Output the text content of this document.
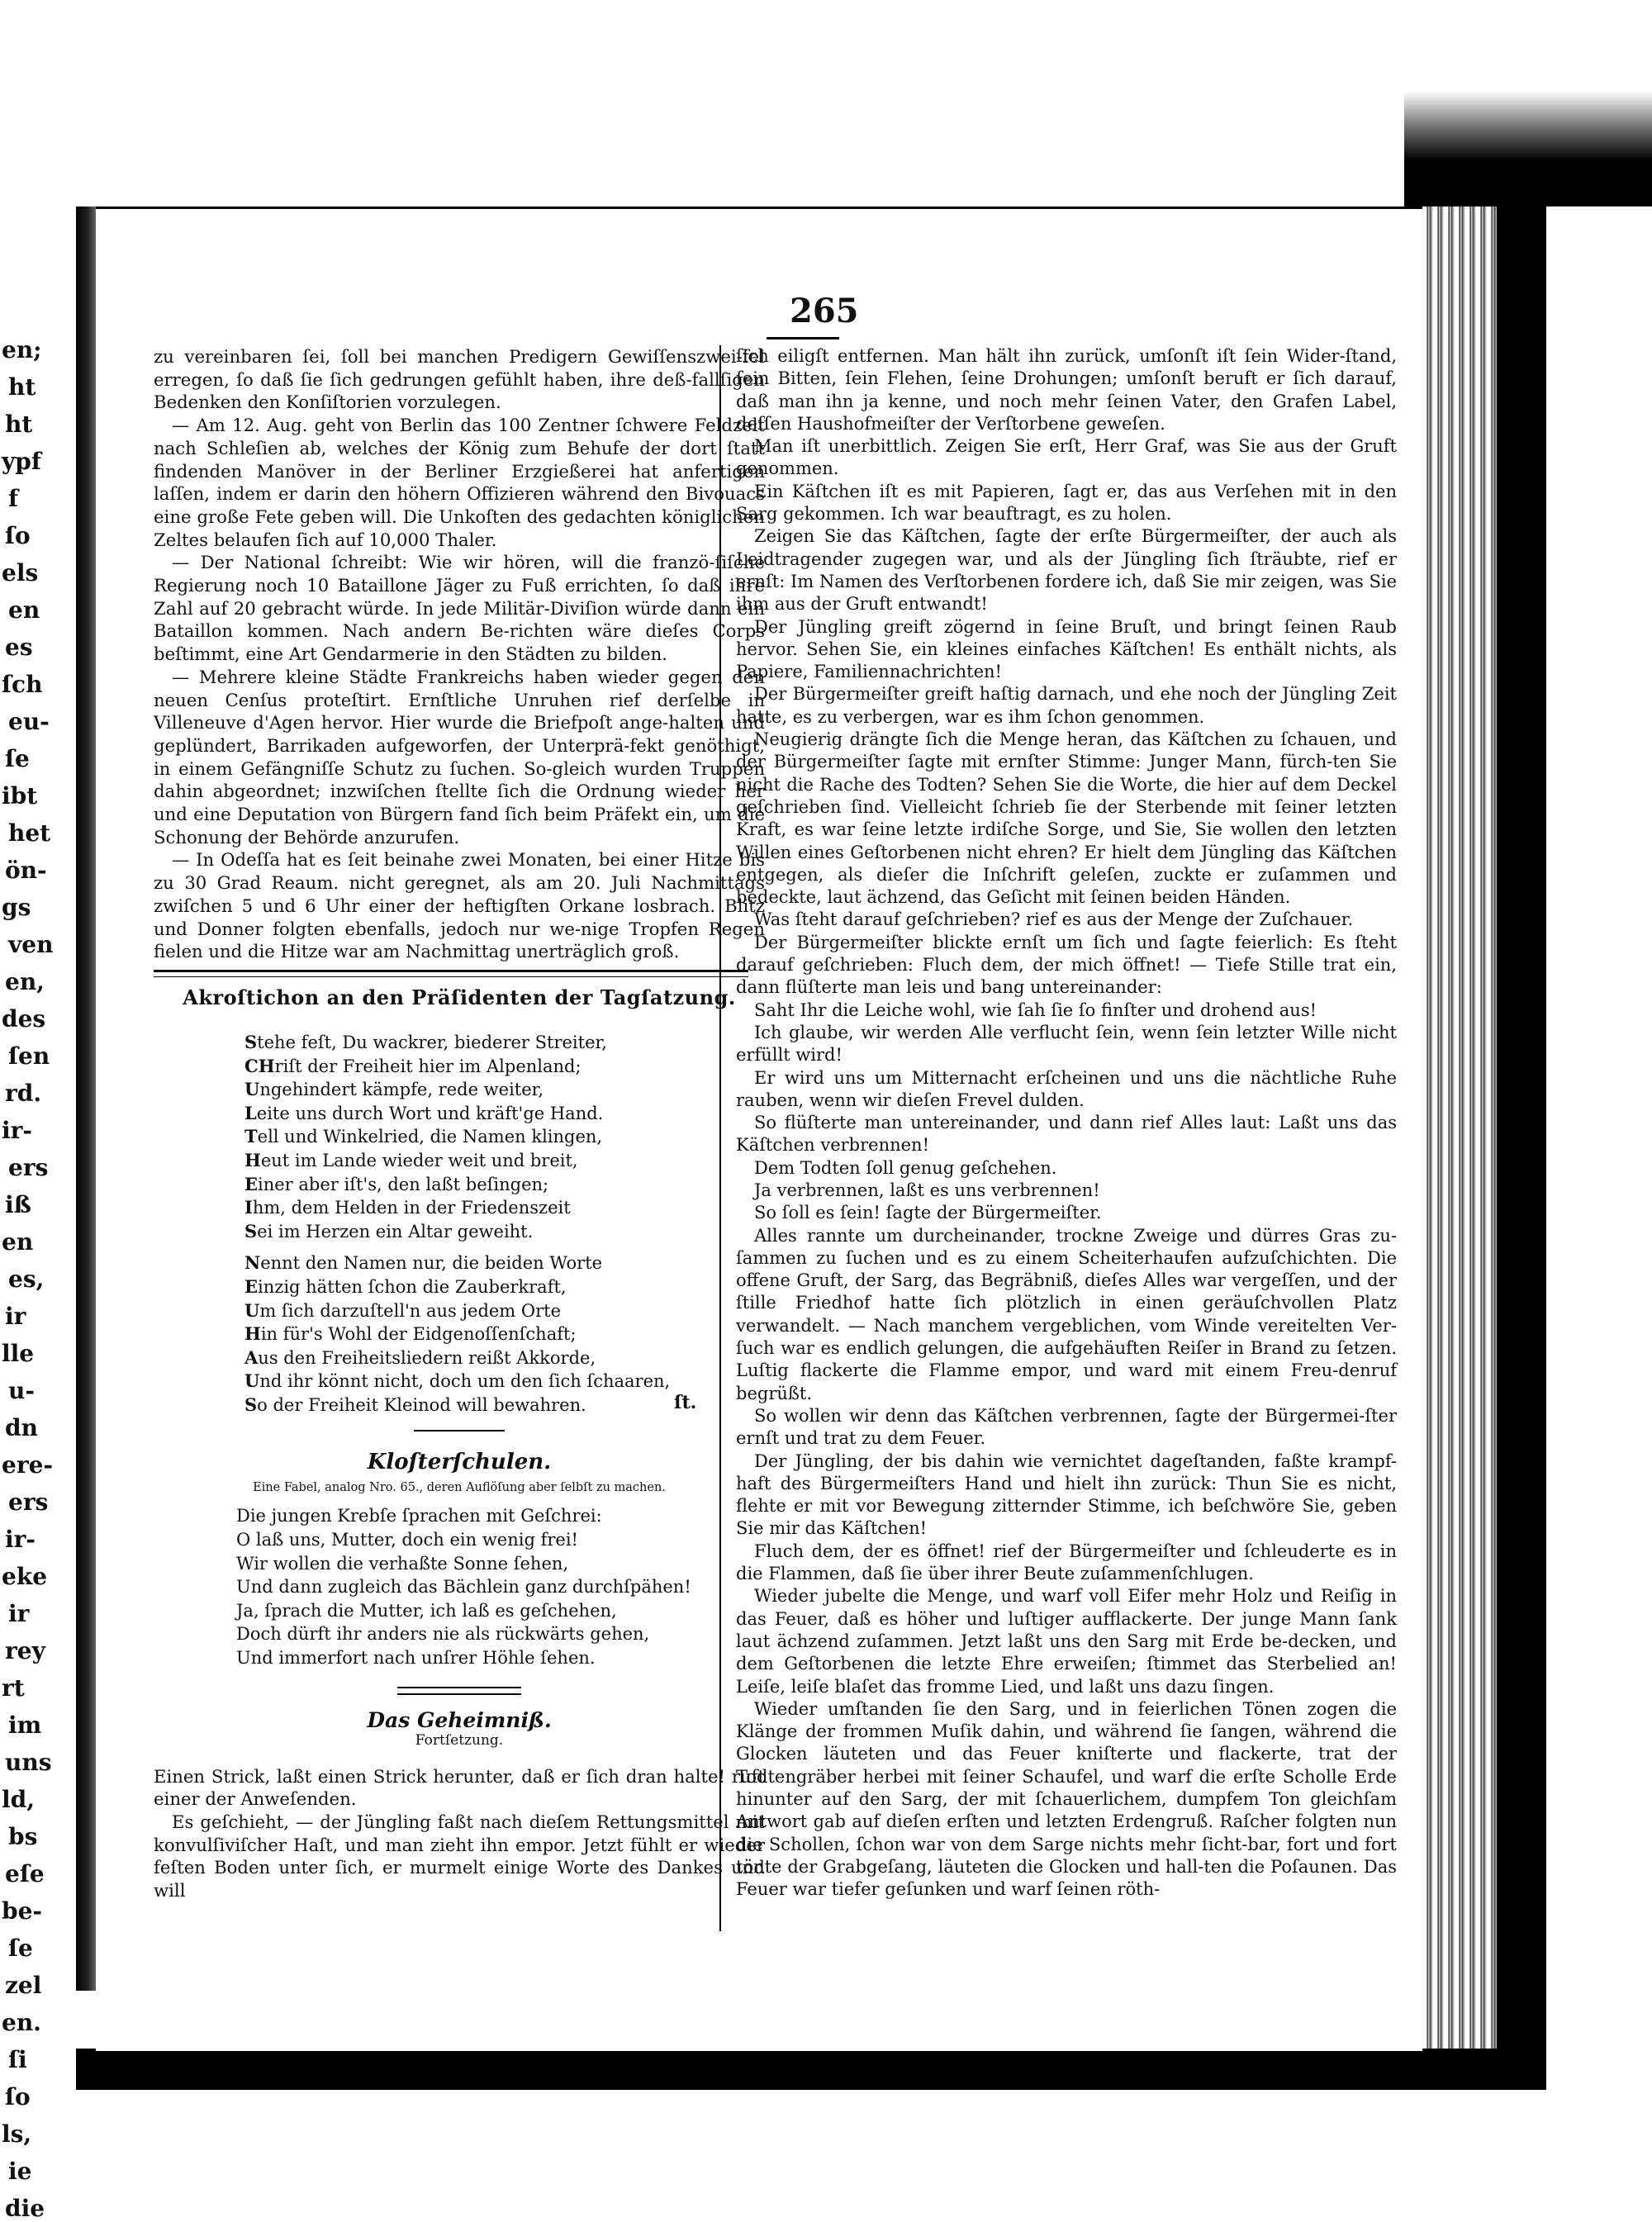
en;
ht
ht
ypf
f
ſo
els
en
es
ſch
eu-
ſe
ibt
het
ön-
gs
ven
en,
des
ſen
rd.
ir-
ers
iß
en
es,
ir
lle
u-
dn
ere-
ers
ir-
eke
ir
rey
rt
im
uns
ld,
bs
eſe
be-
ſe
zel
en.
ſi
ſo
ls,
ie
die
265

zu vereinbaren ſei, ſoll bei manchen Predigern Gewiſſenszwei-fel erregen, ſo daß ſie ſich gedrungen gefühlt haben, ihre deß-fallſigen Bedenken den Konſiſtorien vorzulegen.

— Am 12. Aug. geht von Berlin das 100 Zentner ſchwere Feldzelt nach Schleſien ab, welches der König zum Behufe der dort ſtatt findenden Manöver in der Berliner Erzgießerei hat anfertigen laſſen, indem er darin den höhern Offizieren während den Bivouacs eine große Fete geben will. Die Unkoſten des gedachten königlichen Zeltes belaufen ſich auf 10,000 Thaler.

— Der National ſchreibt: Wie wir hören, will die franzö-ſiſche Regierung noch 10 Bataillone Jäger zu Fuß errichten, ſo daß ihre Zahl auf 20 gebracht würde. In jede Militär-Diviſion würde dann ein Bataillon kommen. Nach andern Be-richten wäre dieſes Corps beſtimmt, eine Art Gendarmerie in den Städten zu bilden.

— Mehrere kleine Städte Frankreichs haben wieder gegen den neuen Cenſus proteſtirt. Ernſtliche Unruhen rief derſelbe in Villeneuve d'Agen hervor. Hier wurde die Briefpoſt ange-halten und geplündert, Barrikaden aufgeworfen, der Unterprä-fekt genöthigt, in einem Gefängniſſe Schutz zu ſuchen. So-gleich wurden Truppen dahin abgeordnet; inzwiſchen ſtellte ſich die Ordnung wieder her und eine Deputation von Bürgern fand ſich beim Präfekt ein, um die Schonung der Behörde anzurufen.

— In Odeſſa hat es ſeit beinahe zwei Monaten, bei einer Hitze bis zu 30 Grad Reaum. nicht geregnet, als am 20. Juli Nachmittags zwiſchen 5 und 6 Uhr einer der heftigſten Orkane losbrach. Blitz und Donner folgten ebenfalls, jedoch nur we-nige Tropfen Regen fielen und die Hitze war am Nachmittag unerträglich groß.

Akroſtichon an den Präſidenten der Tagſatzung.
Stehe feſt, Du wackrer, biederer Streiter,
CHriſt der Freiheit hier im Alpenland;
Ungehindert kämpfe, rede weiter,
Leite uns durch Wort und kräft'ge Hand.
Tell und Winkelried, die Namen klingen,
Heut im Lande wieder weit und breit,
Einer aber iſt's, den laßt beſingen;
Ihm, dem Helden in der Friedenszeit
Sei im Herzen ein Altar geweiht.
Nennt den Namen nur, die beiden Worte
Einzig hätten ſchon die Zauberkraft,
Um ſich darzuſtell'n aus jedem Orte
Hin für's Wohl der Eidgenoſſenſchaft;
Aus den Freiheitsliedern reißt Akkorde,
Und ihr könnt nicht, doch um den ſich ſchaaren,
So der Freiheit Kleinod will bewahren.	ſt.
Kloſterſchulen.
Eine Fabel, analog Nro. 65., deren Auflöſung aber ſelbſt zu machen.
Die jungen Krebſe ſprachen mit Geſchrei:
O laß uns, Mutter, doch ein wenig frei!
Wir wollen die verhaßte Sonne ſehen,
Und dann zugleich das Bächlein ganz durchſpähen!
Ja, ſprach die Mutter, ich laß es geſchehen,
Doch dürft ihr anders nie als rückwärts gehen,
Und immerfort nach unſrer Höhle ſehen.
Das Geheimniß.
Fortſetzung.

Einen Strick, laßt einen Strick herunter, daß er ſich dran halte! ruft einer der Anweſenden.

Es geſchieht, — der Jüngling faßt nach dieſem Rettungsmittel mit konvulſiviſcher Haſt, und man zieht ihn empor. Jetzt fühlt er wieder feſten Boden unter ſich, er murmelt einige Worte des Dankes und will

ſich eiligſt entfernen. Man hält ihn zurück, umſonſt iſt ſein Wider-ſtand, ſein Bitten, ſein Flehen, ſeine Drohungen; umſonſt beruft er ſich darauf, daß man ihn ja kenne, und noch mehr ſeinen Vater, den Grafen Label, deſſen Haushofmeiſter der Verſtorbene geweſen.

Man iſt unerbittlich. Zeigen Sie erſt, Herr Graf, was Sie aus der Gruft genommen.

Ein Käſtchen iſt es mit Papieren, ſagt er, das aus Verſehen mit in den Sarg gekommen. Ich war beauftragt, es zu holen.

Zeigen Sie das Käſtchen, ſagte der erſte Bürgermeiſter, der auch als Leidtragender zugegen war, und als der Jüngling ſich ſträubte, rief er ernſt: Im Namen des Verſtorbenen fordere ich, daß Sie mir zeigen, was Sie ihm aus der Gruft entwandt!

Der Jüngling greift zögernd in ſeine Bruſt, und bringt ſeinen Raub hervor. Sehen Sie, ein kleines einfaches Käſtchen! Es enthält nichts, als Papiere, Familiennachrichten!

Der Bürgermeiſter greift haſtig darnach, und ehe noch der Jüngling Zeit hatte, es zu verbergen, war es ihm ſchon genommen.

Neugierig drängte ſich die Menge heran, das Käſtchen zu ſchauen, und der Bürgermeiſter ſagte mit ernſter Stimme: Junger Mann, fürch-ten Sie nicht die Rache des Todten? Sehen Sie die Worte, die hier auf dem Deckel geſchrieben ſind. Vielleicht ſchrieb ſie der Sterbende mit ſeiner letzten Kraft, es war ſeine letzte irdiſche Sorge, und Sie, Sie wollen den letzten Willen eines Geſtorbenen nicht ehren? Er hielt dem Jüngling das Käſtchen entgegen, als dieſer die Inſchrift geleſen, zuckte er zuſammen und bedeckte, laut ächzend, das Geſicht mit ſeinen beiden Händen.

Was ſteht darauf geſchrieben? rief es aus der Menge der Zuſchauer.

Der Bürgermeiſter blickte ernſt um ſich und ſagte feierlich: Es ſteht darauf geſchrieben: Fluch dem, der mich öffnet! — Tiefe Stille trat ein, dann flüſterte man leis und bang untereinander:

Saht Ihr die Leiche wohl, wie ſah ſie ſo finſter und drohend aus!

Ich glaube, wir werden Alle verflucht ſein, wenn ſein letzter Wille nicht erfüllt wird!

Er wird uns um Mitternacht erſcheinen und uns die nächtliche Ruhe rauben, wenn wir dieſen Frevel dulden.

So flüſterte man untereinander, und dann rief Alles laut: Laßt uns das Käſtchen verbrennen!

Dem Todten ſoll genug geſchehen.

Ja verbrennen, laßt es uns verbrennen!

So ſoll es ſein! ſagte der Bürgermeiſter.

Alles rannte um durcheinander, trockne Zweige und dürres Gras zu-ſammen zu ſuchen und es zu einem Scheiterhaufen aufzuſchichten. Die offene Gruft, der Sarg, das Begräbniß, dieſes Alles war vergeſſen, und der ſtille Friedhof hatte ſich plötzlich in einen geräuſchvollen Platz verwandelt. — Nach manchem vergeblichen, vom Winde vereitelten Ver-ſuch war es endlich gelungen, die aufgehäuften Reiſer in Brand zu ſetzen. Luſtig flackerte die Flamme empor, und ward mit einem Freu-denruf begrüßt.

So wollen wir denn das Käſtchen verbrennen, ſagte der Bürgermei-ſter ernſt und trat zu dem Feuer.

Der Jüngling, der bis dahin wie vernichtet dageſtanden, faßte krampf-haft des Bürgermeiſters Hand und hielt ihn zurück: Thun Sie es nicht, flehte er mit vor Bewegung zitternder Stimme, ich beſchwöre Sie, geben Sie mir das Käſtchen!

Fluch dem, der es öffnet! rief der Bürgermeiſter und ſchleuderte es in die Flammen, daß ſie über ihrer Beute zuſammenſchlugen.

Wieder jubelte die Menge, und warf voll Eifer mehr Holz und Reiſig in das Feuer, daß es höher und luſtiger aufflackerte. Der junge Mann ſank laut ächzend zuſammen. Jetzt laßt uns den Sarg mit Erde be-decken, und dem Geſtorbenen die letzte Ehre erweiſen; ſtimmet das Sterbelied an! Leiſe, leiſe blaſet das fromme Lied, und laßt uns dazu ſingen.

Wieder umſtanden ſie den Sarg, und in feierlichen Tönen zogen die Klänge der frommen Muſik dahin, und während ſie ſangen, während die Glocken läuteten und das Feuer kniſterte und flackerte, trat der Todtengräber herbei mit ſeiner Schaufel, und warf die erſte Scholle Erde hinunter auf den Sarg, der mit ſchauerlichem, dumpfem Ton gleichſam Antwort gab auf dieſen erſten und letzten Erdengruß. Raſcher folgten nun die Schollen, ſchon war von dem Sarge nichts mehr ſicht-bar, fort und fort tönte der Grabgeſang, läuteten die Glocken und hall-ten die Poſaunen. Das Feuer war tiefer geſunken und warf ſeinen röth-
